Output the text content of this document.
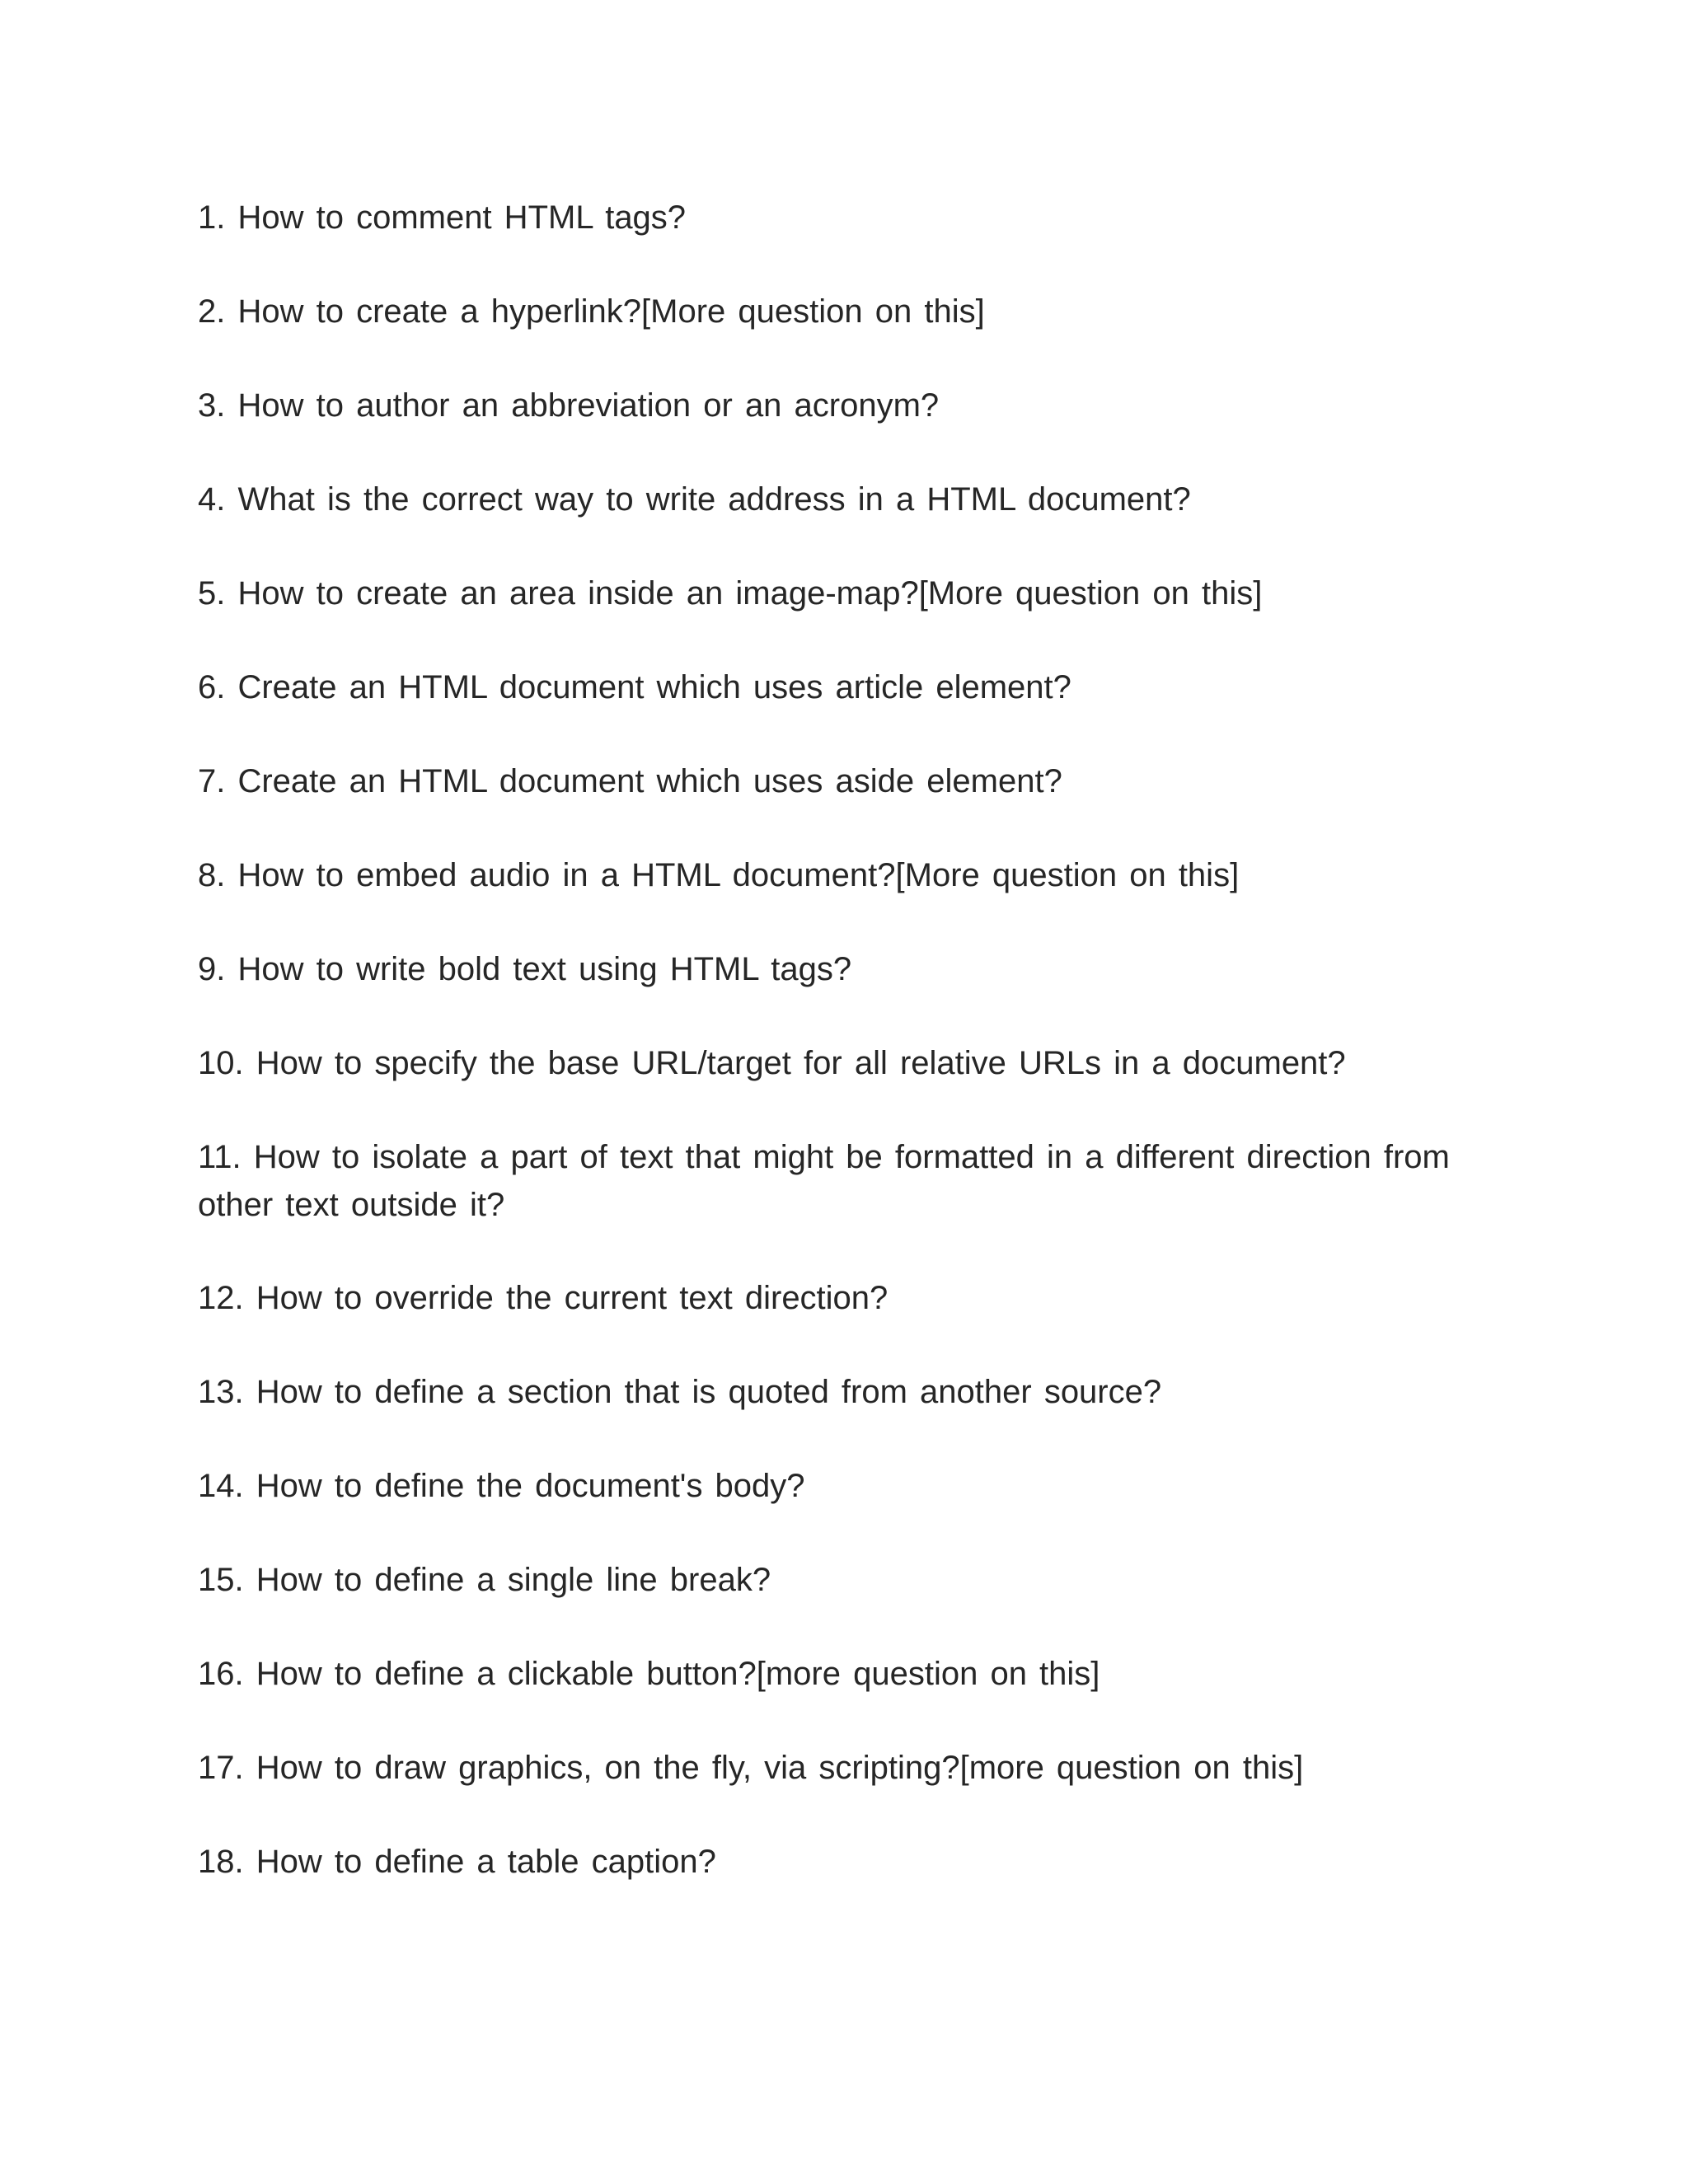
1. How to comment HTML tags?
2. How to create a hyperlink?[More question on this]
3. How to author an abbreviation or an acronym?
4. What is the correct way to write address in a HTML document?
5. How to create an area inside an image-map?[More question on this]
6. Create an HTML document which uses article element?
7. Create an HTML document which uses aside element?
8. How to embed audio in a HTML document?[More question on this]
9. How to write bold text using HTML tags?
10. How to specify the base URL/target for all relative URLs in a document?
11. How to isolate a part of text that might be formatted in a different direction from other text outside it?
12. How to override the current text direction?
13. How to define a section that is quoted from another source?
14. How to define the document's body?
15. How to define a single line break?
16. How to define a clickable button?[more question on this]
17. How to draw graphics, on the fly, via scripting?[more question on this]
18. How to define a table caption?
